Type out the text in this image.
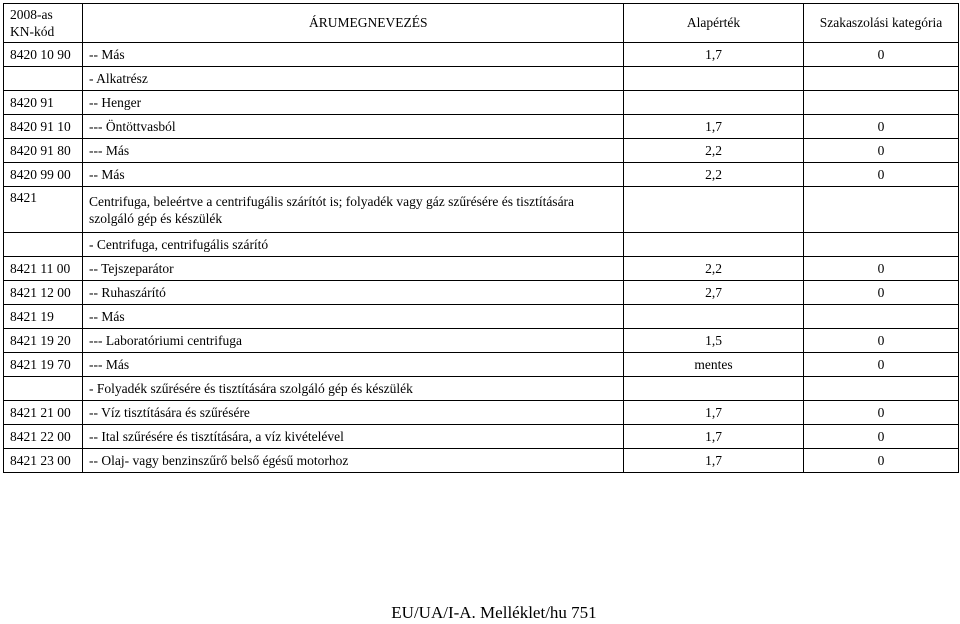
2008-as
KN-kód	ÁRUMEGNEVEZÉS	Alapérték	Szakaszolási kategória
8420 10 90	-- Más	1,7	0
	- Alkatrész		
8420 91	-- Henger		
8420 91 10	--- Öntöttvasból	1,7	0
8420 91 80	--- Más	2,2	0
8420 99 00	-- Más	2,2	0
8421	Centrifuga, beleértve a centrifugális szárítót is; folyadék vagy gáz szűrésére és tisztítására szolgáló gép és készülék		
	- Centrifuga, centrifugális szárító		
8421 11 00	-- Tejszeparátor	2,2	0
8421 12 00	-- Ruhaszárító	2,7	0
8421 19	-- Más		
8421 19 20	--- Laboratóriumi centrifuga	1,5	0
8421 19 70	--- Más	mentes	0
	- Folyadék szűrésére és tisztítására szolgáló gép és készülék		
8421 21 00	-- Víz tisztítására és szűrésére	1,7	0
8421 22 00	-- Ital szűrésére és tisztítására, a víz kivételével	1,7	0
8421 23 00	-- Olaj- vagy benzinszűrő belső égésű motorhoz	1,7	0
EU/UA/I-A. Melléklet/hu 751
